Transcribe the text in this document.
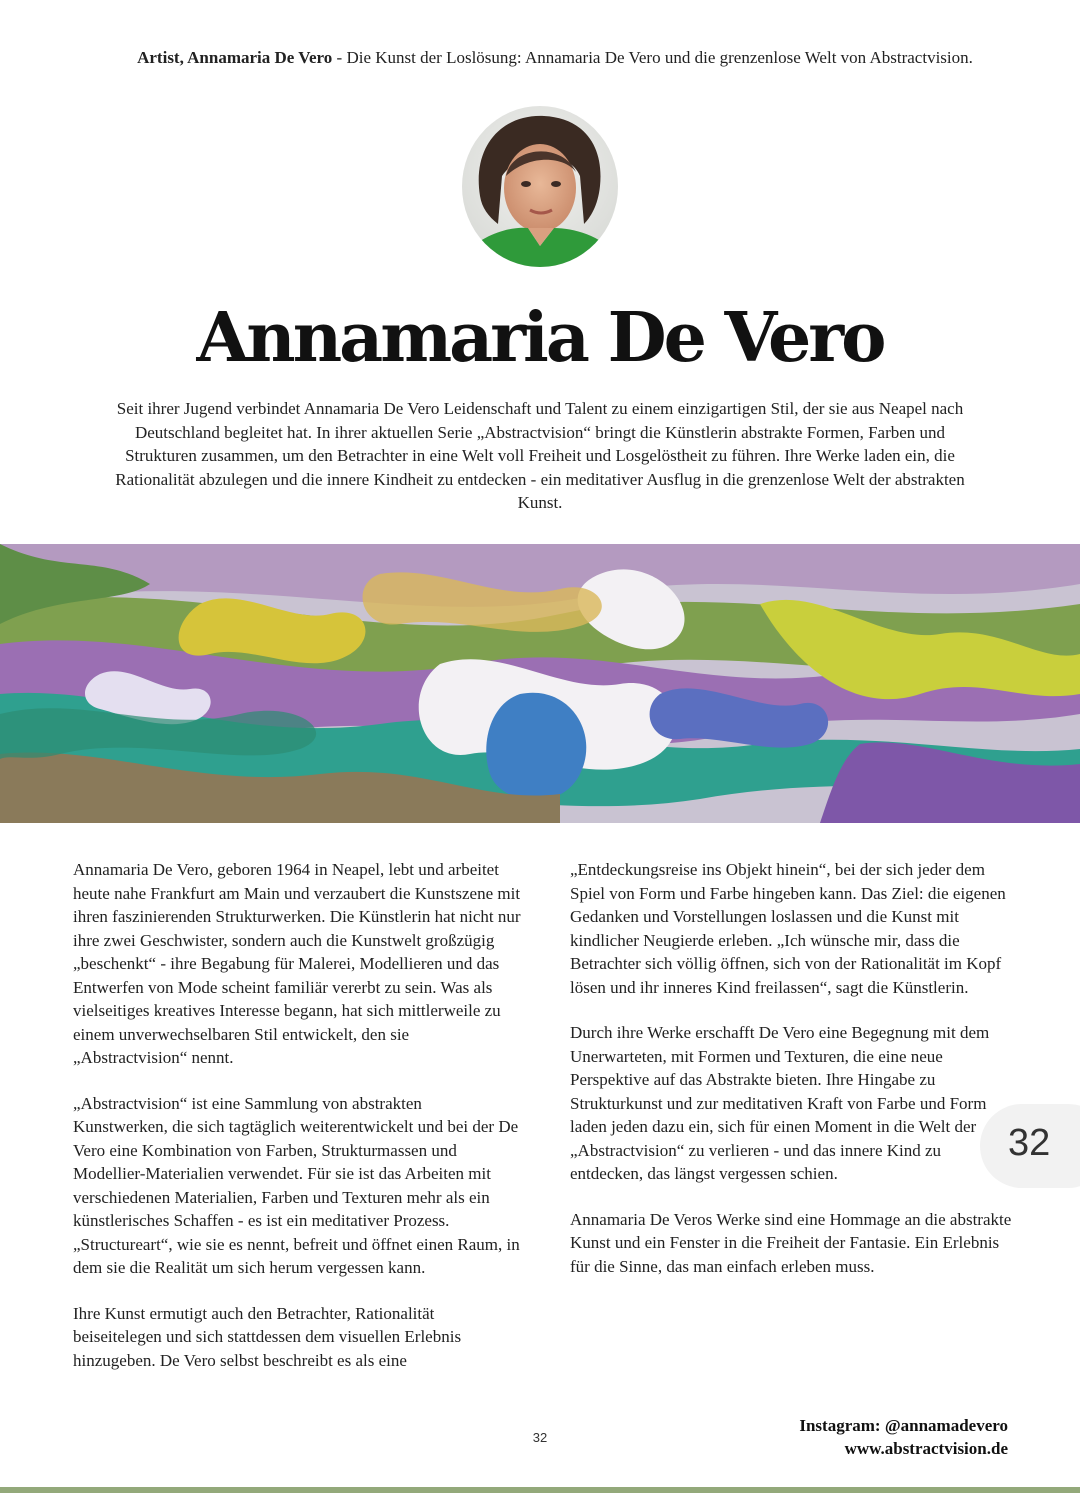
Artist, Annamaria De Vero - Die Kunst der Loslösung: Annamaria De Vero und die grenzenlose Welt von Abstractvision.
Annamaria De Vero
Seit ihrer Jugend verbindet Annamaria De Vero Leidenschaft und Talent zu einem einzigartigen Stil, der sie aus Neapel nach Deutschland begleitet hat. In ihrer aktuellen Serie „Abstractvision“ bringt die Künstlerin abstrakte Formen, Farben und Strukturen zusammen, um den Betrachter in eine Welt voll Freiheit und Losgelöstheit zu führen. Ihre Werke laden ein, die Rationalität abzulegen und die innere Kindheit zu entdecken - ein meditativer Ausflug in die grenzenlose Welt der abstrakten Kunst.

Annamaria De Vero, geboren 1964 in Neapel, lebt und arbeitet heute nahe Frankfurt am Main und verzaubert die Kunstszene mit ihren faszinierenden Strukturwerken. Die Künstlerin hat nicht nur ihre zwei Geschwister, sondern auch die Kunstwelt großzügig „beschenkt“ - ihre Begabung für Malerei, Modellieren und das Entwerfen von Mode scheint familiär vererbt zu sein. Was als vielseitiges kreatives Interesse begann, hat sich mittlerweile zu einem unverwechselbaren Stil entwickelt, den sie „Abstractvision“ nennt.

„Abstractvision“ ist eine Sammlung von abstrakten Kunstwerken, die sich tagtäglich weiterentwickelt und bei der De Vero eine Kombination von Farben, Strukturmassen und Modellier-Materialien verwendet. Für sie ist das Arbeiten mit verschiedenen Materialien, Farben und Texturen mehr als ein künstlerisches Schaffen - es ist ein meditativer Prozess. „Structureart“, wie sie es nennt, befreit und öffnet einen Raum, in dem sie die Realität um sich herum vergessen kann.

Ihre Kunst ermutigt auch den Betrachter, Rationalität beiseitelegen und sich stattdessen dem visuellen Erlebnis hinzugeben. De Vero selbst beschreibt es als eine

„Entdeckungsreise ins Objekt hinein“, bei der sich jeder dem Spiel von Form und Farbe hingeben kann. Das Ziel: die eigenen Gedanken und Vorstellungen loslassen und die Kunst mit kindlicher Neugierde erleben. „Ich wünsche mir, dass die Betrachter sich völlig öffnen, sich von der Rationalität im Kopf lösen und ihr inneres Kind freilassen“, sagt die Künstlerin.

Durch ihre Werke erschafft De Vero eine Begegnung mit dem Unerwarteten, mit Formen und Texturen, die eine neue Perspektive auf das Abstrakte bieten. Ihre Hingabe zu Strukturkunst und zur meditativen Kraft von Farbe und Form laden jeden dazu ein, sich für einen Moment in die Welt der „Abstractvision“ zu verlieren - und das innere Kind zu entdecken, das längst vergessen schien.

Annamaria De Veros Werke sind eine Hommage an die abstrakte Kunst und ein Fenster in die Freiheit der Fantasie. Ein Erlebnis für die Sinne, das man einfach erleben muss.

32
32
Instagram: @annamadevero
www.abstractvision.de
